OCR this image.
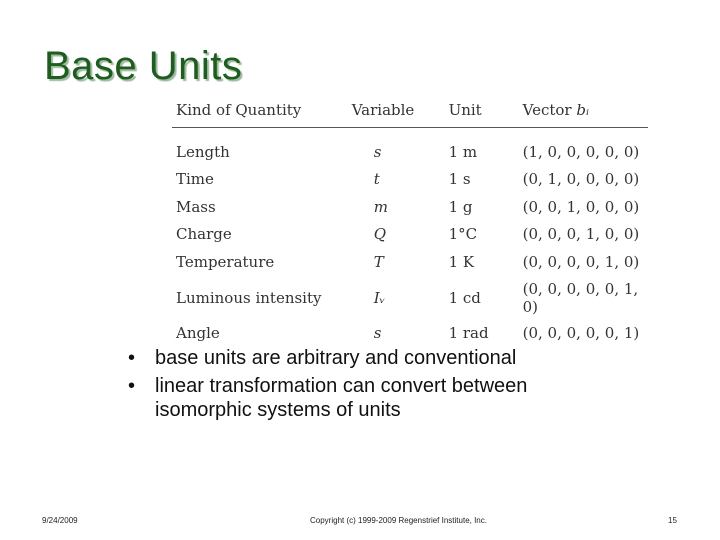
Base Units
Kind of Quantity	Variable	Unit	Vector bᵢ
Length	s	1 m	(1, 0, 0, 0, 0, 0)
Time	t	1 s	(0, 1, 0, 0, 0, 0)
Mass	m	1 g	(0, 0, 1, 0, 0, 0)
Charge	Q	1°C	(0, 0, 0, 1, 0, 0)
Temperature	T	1 K	(0, 0, 0, 0, 1, 0)
Luminous intensity	Iᵥ	1 cd	(0, 0, 0, 0, 0, 1, 0)
Angle	s	1 rad	(0, 0, 0, 0, 0, 1)
• base units are arbitrary and conventional
• linear transformation can convert between isomorphic systems of units
9/24/2009	Copyright (c) 1999-2009 Regenstrief Institute, Inc.	15
